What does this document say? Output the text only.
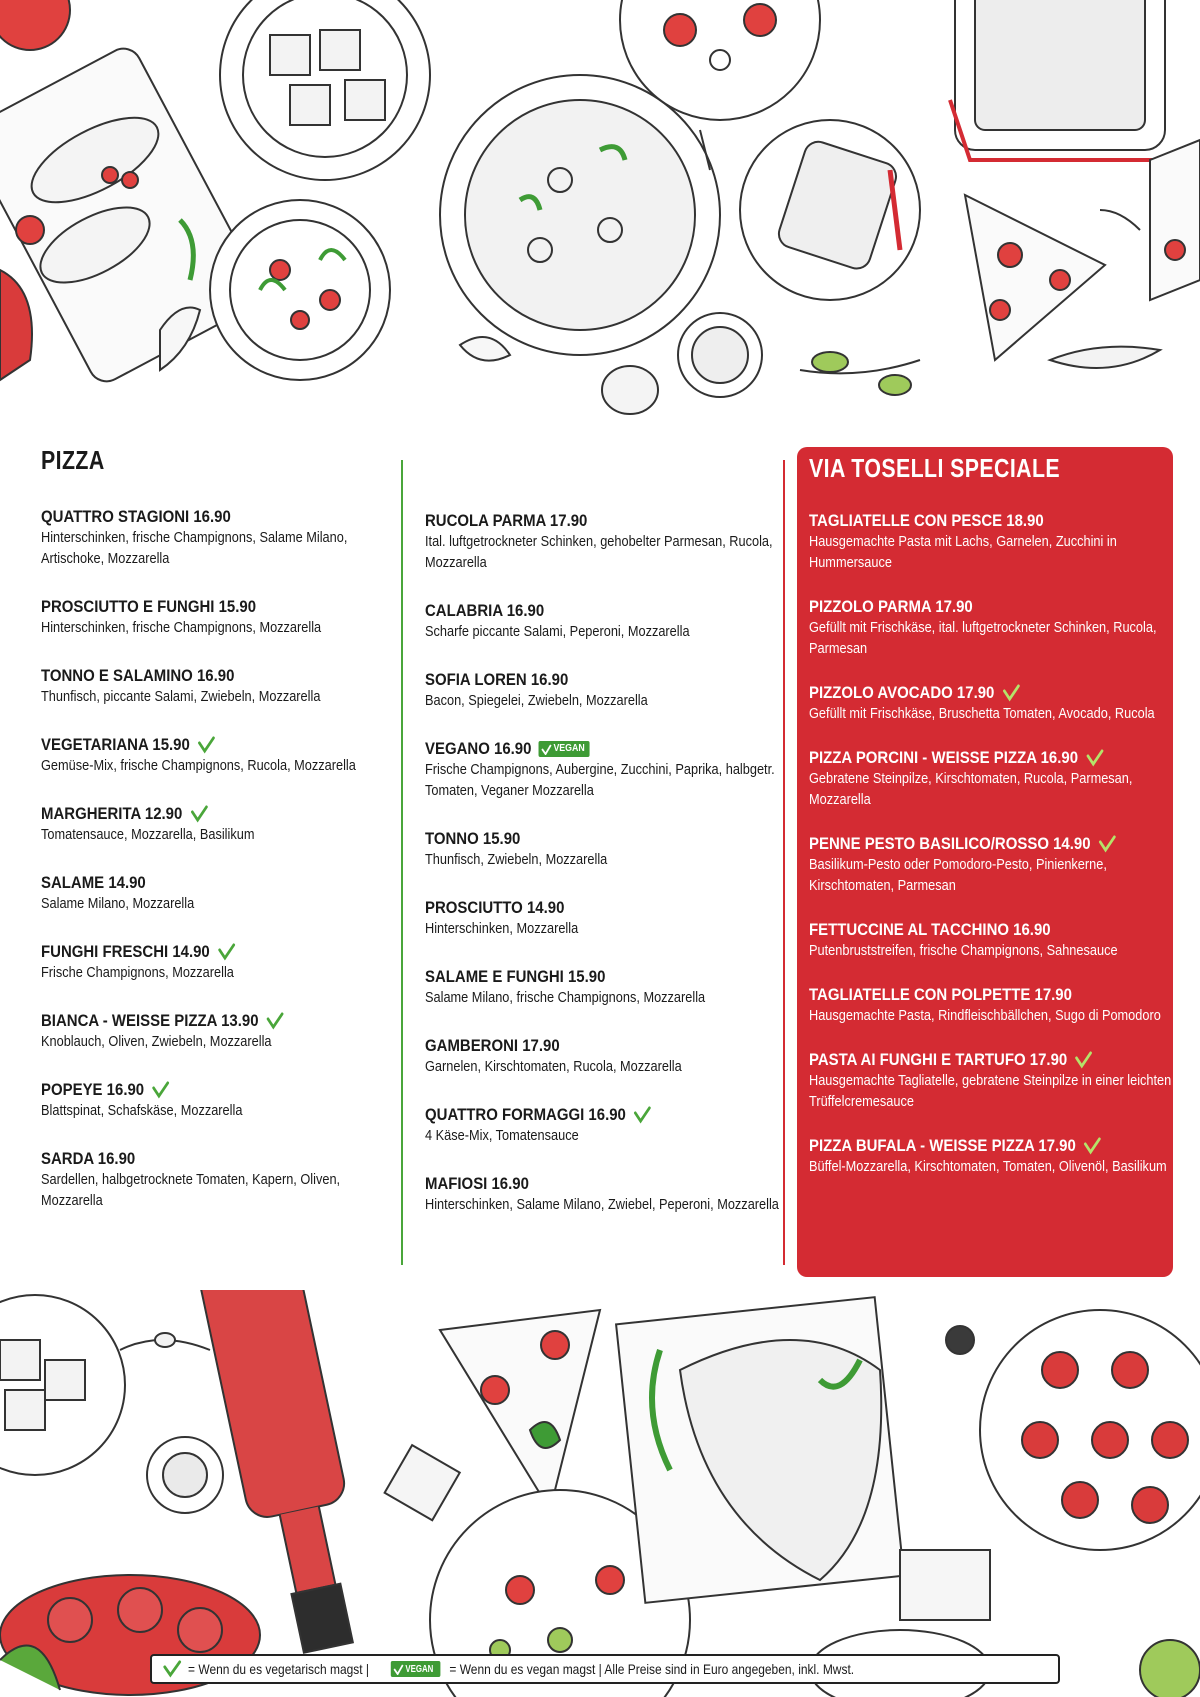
PIZZA
QUATTRO STAGIONI 16.90
Hinterschinken, frische Champignons, Salame Milano, Artischoke, Mozzarella
PROSCIUTTO E FUNGHI 15.90
Hinterschinken, frische Champignons, Mozzarella
TONNO E SALAMINO 16.90
Thunfisch, piccante Salami, Zwiebeln, Mozzarella
VEGETARIANA 15.90
Gemüse-Mix, frische Champignons, Rucola, Mozzarella
MARGHERITA 12.90
Tomatensauce, Mozzarella, Basilikum
SALAME 14.90
Salame Milano, Mozzarella
FUNGHI FRESCHI 14.90
Frische Champignons, Mozzarella
BIANCA - WEISSE PIZZA 13.90
Knoblauch, Oliven, Zwiebeln, Mozzarella
POPEYE 16.90
Blattspinat, Schafskäse, Mozzarella
SARDA 16.90
Sardellen, halbgetrocknete Tomaten, Kapern, Oliven, Mozzarella
RUCOLA PARMA 17.90
Ital. luftgetrockneter Schinken, gehobelter Parmesan, Rucola, Mozzarella
CALABRIA 16.90
Scharfe piccante Salami, Peperoni, Mozzarella
SOFIA LOREN 16.90
Bacon, Spiegelei, Zwiebeln, Mozzarella
VEGANO 16.90 VEGAN
Frische Champignons, Aubergine, Zucchini, Paprika, halbgetr. Tomaten, Veganer Mozzarella
TONNO 15.90
Thunfisch, Zwiebeln, Mozzarella
PROSCIUTTO 14.90
Hinterschinken, Mozzarella
SALAME E FUNGHI 15.90
Salame Milano, frische Champignons, Mozzarella
GAMBERONI 17.90
Garnelen, Kirschtomaten, Rucola, Mozzarella
QUATTRO FORMAGGI 16.90
4 Käse-Mix, Tomatensauce
MAFIOSI 16.90
Hinterschinken, Salame Milano, Zwiebel, Peperoni, Mozzarella
VIA TOSELLI SPECIALE
TAGLIATELLE CON PESCE 18.90
Hausgemachte Pasta mit Lachs, Garnelen, Zucchini in Hummersauce
PIZZOLO PARMA 17.90
Gefüllt mit Frischkäse, ital. luftgetrockneter Schinken, Rucola, Parmesan
PIZZOLO AVOCADO 17.90
Gefüllt mit Frischkäse, Bruschetta Tomaten, Avocado, Rucola
PIZZA PORCINI - WEISSE PIZZA 16.90
Gebratene Steinpilze, Kirschtomaten, Rucola, Parmesan, Mozzarella
PENNE PESTO BASILICO/ROSSO 14.90
Basilikum-Pesto oder Pomodoro-Pesto, Pinienkerne, Kirschtomaten, Parmesan
FETTUCCINE AL TACCHINO 16.90
Putenbruststreifen, frische Champignons, Sahnesauce
TAGLIATELLE CON POLPETTE 17.90
Hausgemachte Pasta, Rindfleischbällchen, Sugo di Pomodoro
PASTA AI FUNGHI E TARTUFO 17.90
Hausgemachte Tagliatelle, gebratene Steinpilze in einer leichten Trüffelcremesauce
PIZZA BUFALA - WEISSE PIZZA 17.90
Büffel-Mozzarella, Kirschtomaten, Tomaten, Olivenöl, Basilikum
= Wenn du es vegetarisch magst |	VEGAN = Wenn du es vegan magst | Alle Preise sind in Euro angegeben, inkl. Mwst.
